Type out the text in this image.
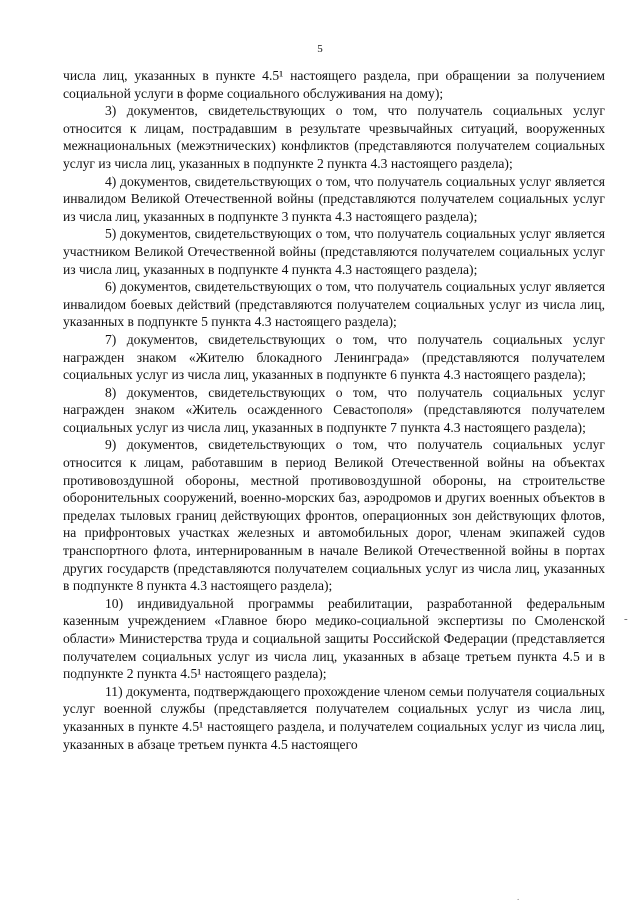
5

числа лиц, указанных в пункте 4.5¹ настоящего раздела, при обращении за получением социальной услуги в форме социального обслуживания на дому);

3) документов, свидетельствующих о том, что получатель социальных услуг относится к лицам, пострадавшим в результате чрезвычайных ситуаций, вооруженных межнациональных (межэтнических) конфликтов (представляются получателем социальных услуг из числа лиц, указанных в подпункте 2 пункта 4.3 настоящего раздела);

4) документов, свидетельствующих о том, что получатель социальных услуг является инвалидом Великой Отечественной войны (представляются получателем социальных услуг из числа лиц, указанных в подпункте 3 пункта 4.3 настоящего раздела);

5) документов, свидетельствующих о том, что получатель социальных услуг является участником Великой Отечественной войны (представляются получателем социальных услуг из числа лиц, указанных в подпункте 4 пункта 4.3 настоящего раздела);

6) документов, свидетельствующих о том, что получатель социальных услуг является инвалидом боевых действий (представляются получателем социальных услуг из числа лиц, указанных в подпункте 5 пункта 4.3 настоящего раздела);

7) документов, свидетельствующих о том, что получатель социальных услуг награжден знаком «Жителю блокадного Ленинграда» (представляются получателем социальных услуг из числа лиц, указанных в подпункте 6 пункта 4.3 настоящего раздела);

8) документов, свидетельствующих о том, что получатель социальных услуг награжден знаком «Житель осажденного Севастополя» (представляются получателем социальных услуг из числа лиц, указанных в подпункте 7 пункта 4.3 настоящего раздела);

9) документов, свидетельствующих о том, что получатель социальных услуг относится к лицам, работавшим в период Великой Отечественной войны на объектах противовоздушной обороны, местной противовоздушной обороны, на строительстве оборонительных сооружений, военно-морских баз, аэродромов и других военных объектов в пределах тыловых границ действующих фронтов, операционных зон действующих флотов, на прифронтовых участках железных и автомобильных дорог, членам экипажей судов транспортного флота, интернированным в начале Великой Отечественной войны в портах других государств (представляются получателем социальных услуг из числа лиц, указанных в подпункте 8 пункта 4.3 настоящего раздела);

10) индивидуальной программы реабилитации, разработанной федеральным казенным учреждением «Главное бюро медико-социальной экспертизы по Смоленской области» Министерства труда и социальной защиты Российской Федерации (представляется получателем социальных услуг из числа лиц, указанных в абзаце третьем пункта 4.5 и в подпункте 2 пункта 4.5¹ настоящего раздела);

11) документа, подтверждающего прохождение членом семьи получателя социальных услуг военной службы (представляется получателем социальных услуг из числа лиц, указанных в пункте 4.5¹ настоящего раздела, и получателем социальных услуг из числа лиц, указанных в абзаце третьем пункта 4.5 настоящего

-
.
